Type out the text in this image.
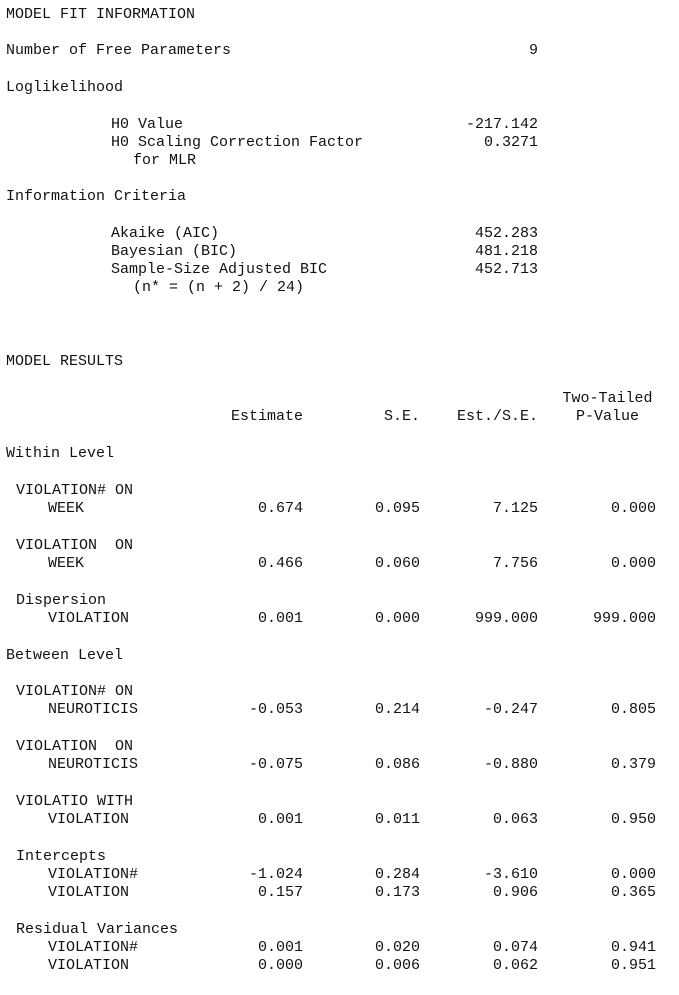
MODEL FIT INFORMATION
Number of Free Parameters	9
Loglikelihood
H0 Value	-217.142
H0 Scaling Correction Factor	0.3271
for MLR
Information Criteria
Akaike (AIC)	452.283
Bayesian (BIC)	481.218
Sample-Size Adjusted BIC	452.713
(n* = (n + 2) / 24)
MODEL RESULTS
Two-Tailed
Estimate	S.E.	Est./S.E.	P-Value
Within Level
VIOLATION# ON
WEEK	0.674	0.095	7.125	0.000
VIOLATION  ON
WEEK	0.466	0.060	7.756	0.000
Dispersion
VIOLATION	0.001	0.000	999.000	999.000
Between Level
VIOLATION# ON
NEUROTICIS	-0.053	0.214	-0.247	0.805
VIOLATION  ON
NEUROTICIS	-0.075	0.086	-0.880	0.379
VIOLATIO WITH
VIOLATION	0.001	0.011	0.063	0.950
Intercepts
VIOLATION#	-1.024	0.284	-3.610	0.000
VIOLATION	0.157	0.173	0.906	0.365
Residual Variances
VIOLATION#	0.001	0.020	0.074	0.941
VIOLATION	0.000	0.006	0.062	0.951
